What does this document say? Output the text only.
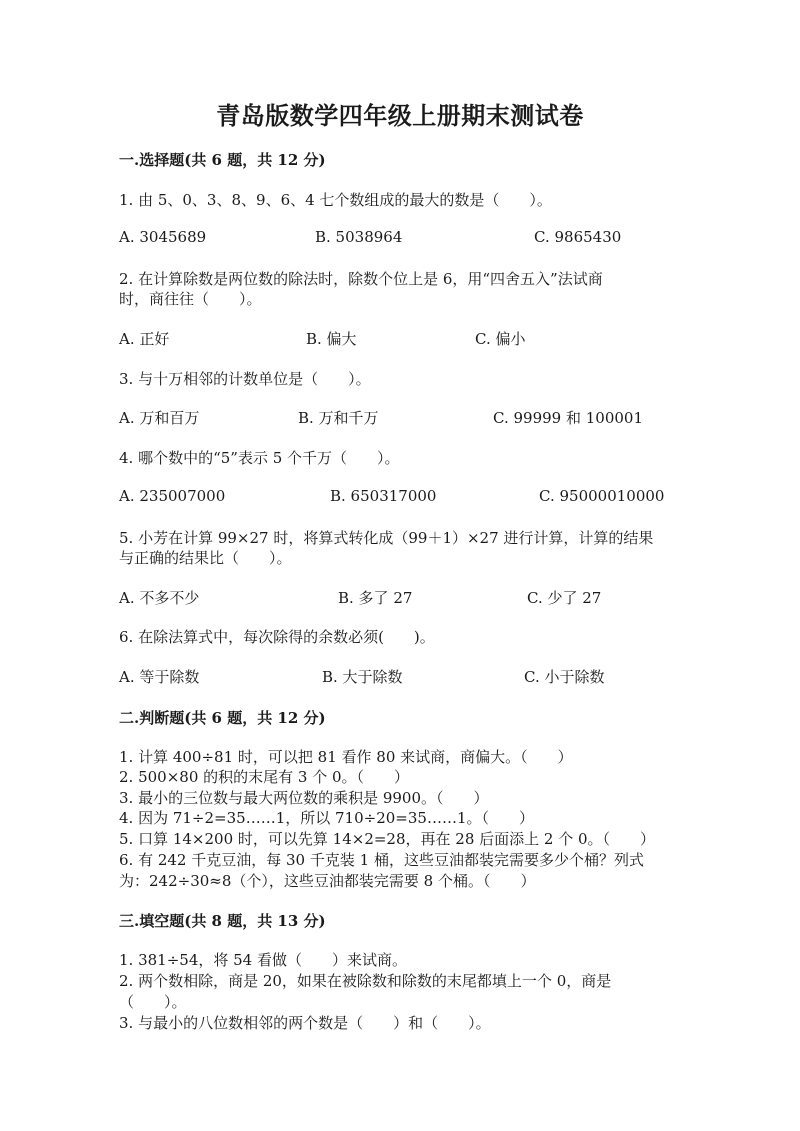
青岛版数学四年级上册期末测试卷
一.选择题(共 6 题，共 12 分)
1. 由 5、0、3、8、9、6、4 七个数组成的最大的数是（　　）。
A. 3045689	B. 5038964	C. 9865430
2. 在计算除数是两位数的除法时，除数个位上是 6，用“四舍五入”法试商
时，商往往（　　）。
A. 正好	B. 偏大	C. 偏小
3. 与十万相邻的计数单位是（　　）。
A. 万和百万	B. 万和千万	C. 99999 和 100001
4. 哪个数中的“5”表示 5 个千万（　　）。
A. 235007000	B. 650317000	C. 95000010000
5. 小芳在计算 99×27 时，将算式转化成（99＋1）×27 进行计算，计算的结果
与正确的结果比（　　）。
A. 不多不少	B. 多了 27	C. 少了 27
6. 在除法算式中，每次除得的余数必须(　　)。
A. 等于除数	B. 大于除数	C. 小于除数
二.判断题(共 6 题，共 12 分)
1. 计算 400÷81 时，可以把 81 看作 80 来试商，商偏大。（　　）
2. 500×80 的积的末尾有 3 个 0。（　　）
3. 最小的三位数与最大两位数的乘积是 9900。（　　）
4. 因为 71÷2=35……1，所以 710÷20=35……1。（　　）
5. 口算 14×200 时，可以先算 14×2=28，再在 28 后面添上 2 个 0。（　　）
6. 有 242 千克豆油，每 30 千克装 1 桶，这些豆油都装完需要多少个桶？列式
为：242÷30≈8（个），这些豆油都装完需要 8 个桶。（　　）
三.填空题(共 8 题，共 13 分)
1. 381÷54，将 54 看做（　　）来试商。
2. 两个数相除，商是 20，如果在被除数和除数的末尾都填上一个 0，商是
（　　）。
3. 与最小的八位数相邻的两个数是（　　）和（　　）。
